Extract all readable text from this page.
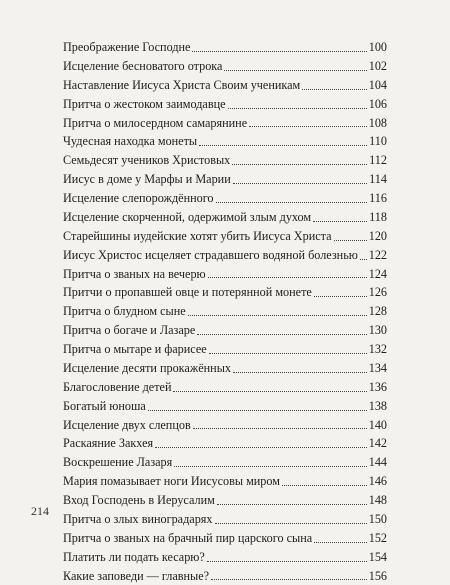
Преображение Господне	100
Исцеление бесноватого отрока	102
Наставление Иисуса Христа Своим ученикам	104
Притча о жестоком заимодавце	106
Притча о милосердном самарянине	108
Чудесная находка монеты	110
Семьдесят учеников Христовых	112
Иисус в доме у Марфы и Марии	114
Исцеление слепорождённого	116
Исцеление скорченной, одержимой злым духом	118
Старейшины иудейские хотят убить Иисуса Христа	120
Иисус Христос исцеляет страдавшего водяной болезнью 122
Притча о званых на вечерю	124
Притчи о пропавшей овце и потерянной монете	126
Притча о блудном сыне	128
Притча о богаче и Лазаре	130
Притча о мытаре и фарисее	132
Исцеление десяти прокажённых	134
Благословение детей	136
Богатый юноша	138
Исцеление двух слепцов	140
Раскаяние Закхея	142
Воскрешение Лазаря	144
Мария помазывает ноги Иисусовы миром	146
Вход Господень в Иерусалим	148
Притча о злых виноградарях	150
Притча о званых на брачный пир царского сына	152
Платить ли подать кесарю?	154
Какие заповеди — главные?	156
214
